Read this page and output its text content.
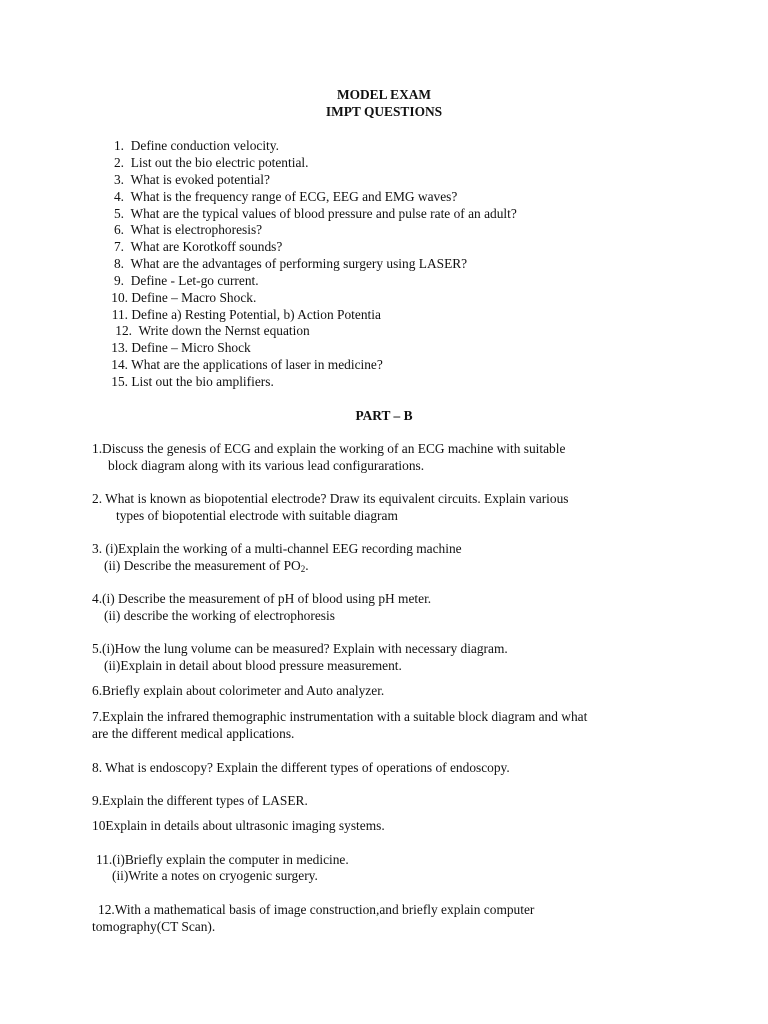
MODEL EXAM
IMPT QUESTIONS
1. Define conduction velocity.
2. List out the bio electric potential.
3. What is evoked potential?
4. What is the frequency range of ECG, EEG and EMG waves?
5. What are the typical values of blood pressure and pulse rate of an adult?
6. What is electrophoresis?
7. What are Korotkoff sounds?
8. What are the advantages of performing surgery using LASER?
9. Define - Let-go current.
10. Define – Macro Shock.
11. Define a) Resting Potential, b) Action Potentia
12. Write down the Nernst equation
13. Define – Micro Shock
14. What are the applications of laser in medicine?
15. List out the bio amplifiers.
PART – B
1.Discuss the genesis of ECG and explain the working of an ECG machine with suitable
block diagram along with its various lead configurarations.
2. What is known as biopotential electrode? Draw its equivalent circuits. Explain various
types of biopotential electrode with suitable diagram
3. (i)Explain the working of a multi-channel EEG recording machine
(ii) Describe the measurement of $PO_2$.
4.(i) Describe the measurement of pH of blood using pH meter.
(ii) describe the working of electrophoresis
5.(i)How the lung volume can be measured? Explain with necessary diagram.
(ii)Explain in detail about blood pressure measurement.
6.Briefly explain about colorimeter and Auto analyzer.
7.Explain the infrared themographic instrumentation with a suitable block diagram and what
are the different medical applications.
8. What is endoscopy? Explain the different types of operations of endoscopy.
9.Explain the different types of LASER.
10Explain in details about ultrasonic imaging systems.
11.(i)Briefly explain the computer in medicine.
(ii)Write a notes on cryogenic surgery.
12.With a mathematical basis of image construction,and briefly explain computer
tomography(CT Scan).
